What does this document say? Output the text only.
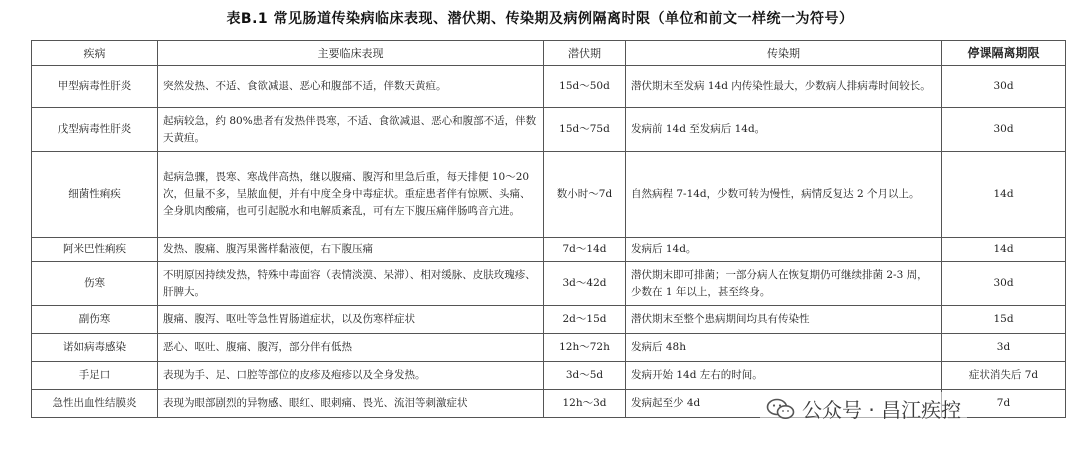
表B.1 常见肠道传染病临床表现、潜伏期、传染期及病例隔离时限（单位和前文一样统一为符号）
疾病	主要临床表现	潜伏期	传染期	停课隔离期限
甲型病毒性肝炎	突然发热、不适、食欲减退、恶心和腹部不适，伴数天黄疸。	15d～50d	潜伏期末至发病 14d 内传染性最大，少数病人排病毒时间较长。	30d
戊型病毒性肝炎	起病较急，约 80%患者有发热伴畏寒，不适、食欲减退、恶心和腹部不适，伴数天黄疸。	15d～75d	发病前 14d 至发病后 14d。	30d
细菌性痢疾	起病急骤，畏寒、寒战伴高热，继以腹痛、腹泻和里急后重，每天排便 10～20 次，但量不多，呈脓血便，并有中度全身中毒症状。重症患者伴有惊厥、头痛、全身肌肉酸痛，也可引起脱水和电解质紊乱，可有左下腹压痛伴肠鸣音亢进。	数小时～7d	自然病程 7-14d，少数可转为慢性，病情反复达 2 个月以上。	14d
阿米巴性痢疾	发热、腹痛、腹泻果酱样黏液便，右下腹压痛	7d～14d	发病后 14d。	14d
伤寒	不明原因持续发热，特殊中毒面容（表情淡漠、呆滞）、相对缓脉、皮肤玫瑰疹、肝脾大。	3d～42d	潜伏期末即可排菌；一部分病人在恢复期仍可继续排菌 2-3 周，少数在 1 年以上，甚至终身。	30d
副伤寒	腹痛、腹泻、呕吐等急性胃肠道症状，以及伤寒样症状	2d～15d	潜伏期末至整个患病期间均具有传染性	15d
诺如病毒感染	恶心、呕吐、腹痛、腹泻，部分伴有低热	12h～72h	发病后 48h	3d
手足口	表现为手、足、口腔等部位的皮疹及疱疹以及全身发热。	3d～5d	发病开始 14d 左右的时间。	症状消失后 7d
急性出血性结膜炎	表现为眼部剧烈的异物感、眼红、眼刺痛、畏光、流泪等刺激症状	12h～3d	发病起至少 4d	7d
公众号 · 昌江疾控
